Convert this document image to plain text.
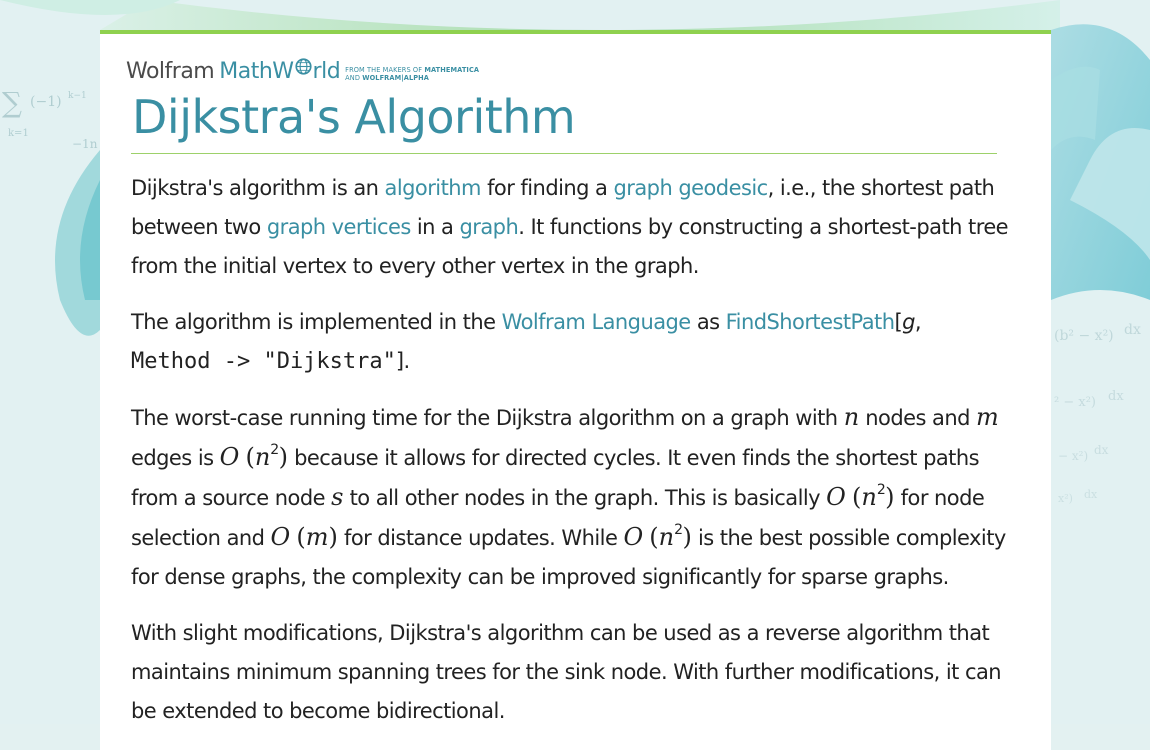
∑ (−1) k−1
k=1
−1n
(b² − x²) dx
² − x²) dx
− x²) dx
x²) dx
Wolfram MathW rld FROM THE MAKERS OF MATHEMATICA
AND WOLFRAM|ALPHA
Dijkstra's Algorithm

Dijkstra's algorithm is an algorithm for finding a graph geodesic, i.e., the shortest path between two graph vertices in a graph. It functions by constructing a shortest-path tree from the initial vertex to every other vertex in the graph.

The algorithm is implemented in the Wolfram Language as FindShortestPath[g,
Method -> "Dijkstra"].

The worst-case running time for the Dijkstra algorithm on a graph with n nodes and m edges is O $(n^2)$ because it allows for directed cycles. It even finds the shortest paths from a source node s to all other nodes in the graph. This is basically O $(n^2)$ for node selection and O (m) for distance updates. While O $(n^2)$ is the best possible complexity for dense graphs, the complexity can be improved significantly for sparse graphs.

With slight modifications, Dijkstra's algorithm can be used as a reverse algorithm that maintains minimum spanning trees for the sink node. With further modifications, it can be extended to become bidirectional.
